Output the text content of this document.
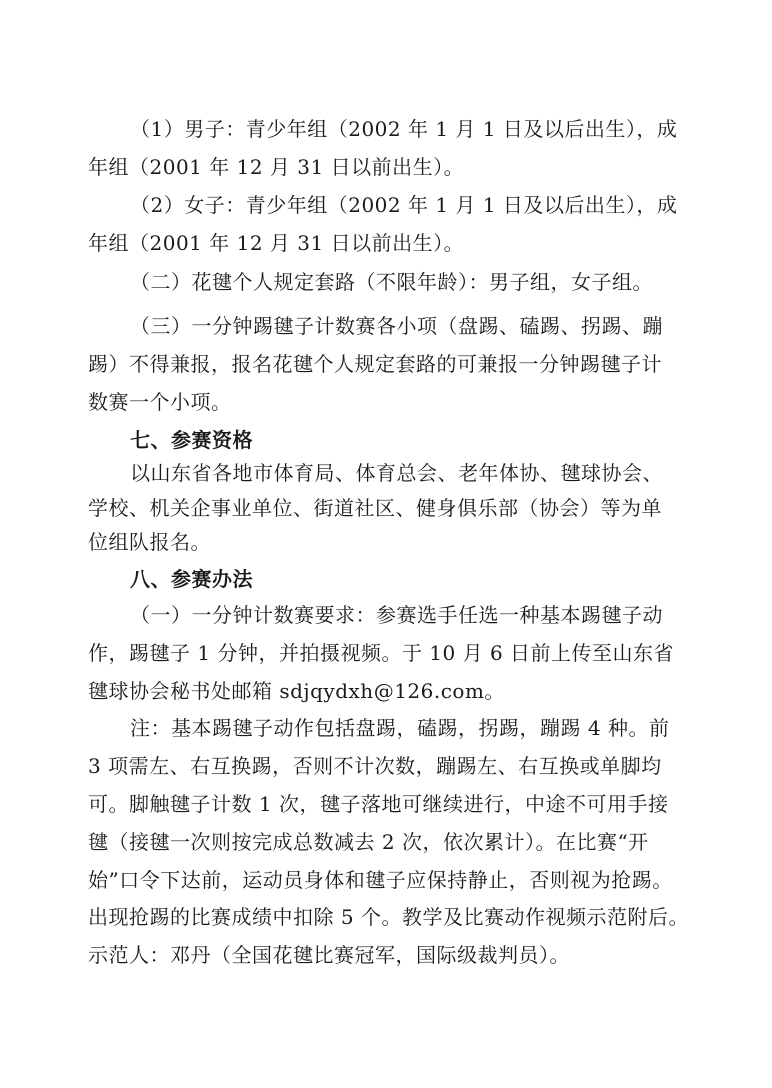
（1）男子：青少年组（2002 年 1 月 1 日及以后出生），成
年组（2001 年 12 月 31 日以前出生）。
（2）女子：青少年组（2002 年 1 月 1 日及以后出生），成
年组（2001 年 12 月 31 日以前出生）。
（二）花毽个人规定套路（不限年龄）：男子组，女子组。
（三）一分钟踢毽子计数赛各小项（盘踢、磕踢、拐踢、蹦
踢）不得兼报，报名花毽个人规定套路的可兼报一分钟踢毽子计
数赛一个小项。
七、参赛资格
以山东省各地市体育局、体育总会、老年体协、毽球协会、
学校、机关企事业单位、街道社区、健身俱乐部（协会）等为单
位组队报名。
八、参赛办法
（一）一分钟计数赛要求：参赛选手任选一种基本踢毽子动
作，踢毽子 1 分钟，并拍摄视频。于 10 月 6 日前上传至山东省
毽球协会秘书处邮箱 sdjqydxh@126.com。
注：基本踢毽子动作包括盘踢，磕踢，拐踢，蹦踢 4 种。前
3 项需左、右互换踢，否则不计次数，蹦踢左、右互换或单脚均
可。脚触毽子计数 1 次，毽子落地可继续进行，中途不可用手接
毽（接毽一次则按完成总数减去 2 次，依次累计）。在比赛“开
始”口令下达前，运动员身体和毽子应保持静止，否则视为抢踢。
出现抢踢的比赛成绩中扣除 5 个。教学及比赛动作视频示范附后。
示范人：邓丹（全国花毽比赛冠军，国际级裁判员）。
